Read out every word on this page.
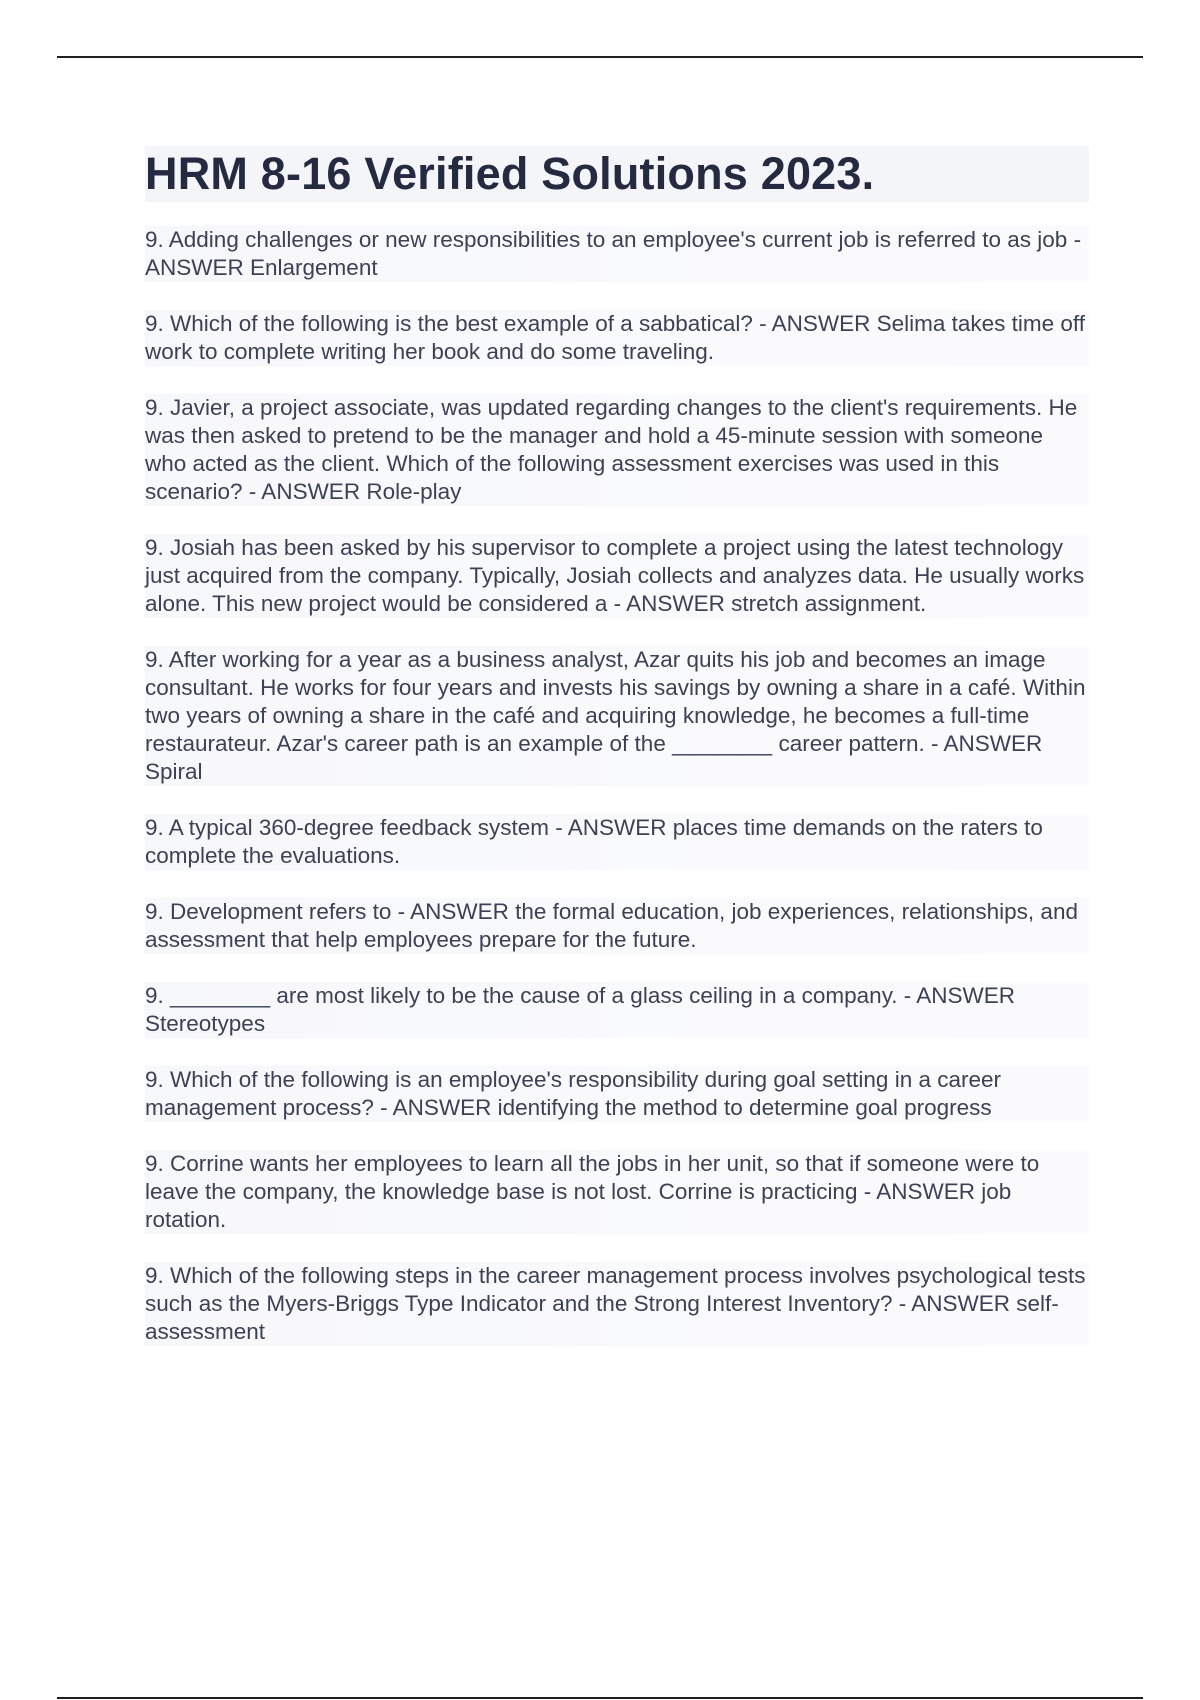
HRM 8-16 Verified Solutions 2023.
9. Adding challenges or new responsibilities to an employee's current job is referred to as job - ANSWER Enlargement
9. Which of the following is the best example of a sabbatical? - ANSWER Selima takes time off work to complete writing her book and do some traveling.
9. Javier, a project associate, was updated regarding changes to the client's requirements. He was then asked to pretend to be the manager and hold a 45-minute session with someone who acted as the client. Which of the following assessment exercises was used in this scenario? - ANSWER Role-play
9. Josiah has been asked by his supervisor to complete a project using the latest technology just acquired from the company. Typically, Josiah collects and analyzes data. He usually works alone. This new project would be considered a - ANSWER stretch assignment.
9. After working for a year as a business analyst, Azar quits his job and becomes an image consultant. He works for four years and invests his savings by owning a share in a café. Within two years of owning a share in the café and acquiring knowledge, he becomes a full-time restaurateur. Azar's career path is an example of the ________ career pattern. - ANSWER Spiral
9. A typical 360-degree feedback system - ANSWER places time demands on the raters to complete the evaluations.
9. Development refers to - ANSWER the formal education, job experiences, relationships, and assessment that help employees prepare for the future.
9. ________ are most likely to be the cause of a glass ceiling in a company. - ANSWER Stereotypes
9. Which of the following is an employee's responsibility during goal setting in a career management process? - ANSWER identifying the method to determine goal progress
9. Corrine wants her employees to learn all the jobs in her unit, so that if someone were to leave the company, the knowledge base is not lost. Corrine is practicing - ANSWER job rotation.
9. Which of the following steps in the career management process involves psychological tests such as the Myers-Briggs Type Indicator and the Strong Interest Inventory? - ANSWER self-assessment
